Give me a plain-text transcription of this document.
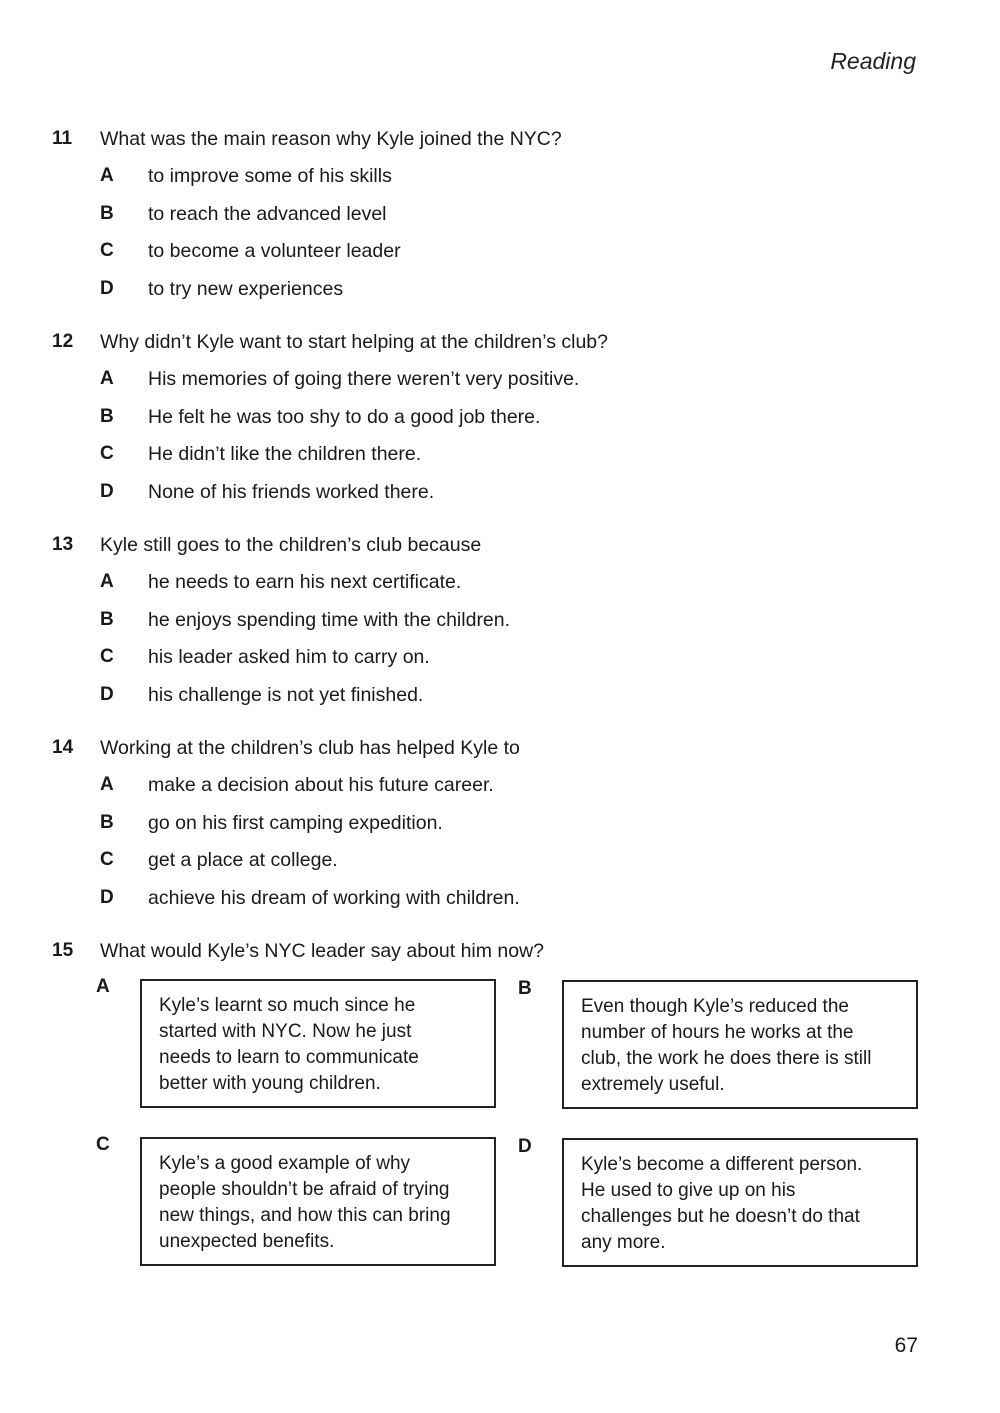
Reading
11 What was the main reason why Kyle joined the NYC?
A to improve some of his skills
B to reach the advanced level
C to become a volunteer leader
D to try new experiences
12 Why didn’t Kyle want to start helping at the children’s club?
A His memories of going there weren’t very positive.
B He felt he was too shy to do a good job there.
C He didn’t like the children there.
D None of his friends worked there.
13 Kyle still goes to the children’s club because
A he needs to earn his next certificate.
B he enjoys spending time with the children.
C his leader asked him to carry on.
D his challenge is not yet finished.
14 Working at the children’s club has helped Kyle to
A make a decision about his future career.
B go on his first camping expedition.
C get a place at college.
D achieve his dream of working with children.
15 What would Kyle’s NYC leader say about him now?
A
Kyle’s learnt so much since he
started with NYC. Now he just
needs to learn to communicate
better with young children.
B
Even though Kyle’s reduced the
number of hours he works at the
club, the work he does there is still
extremely useful.
C
Kyle’s a good example of why
people shouldn’t be afraid of trying
new things, and how this can bring
unexpected benefits.
D
Kyle’s become a different person.
He used to give up on his
challenges but he doesn’t do that
any more.
67
